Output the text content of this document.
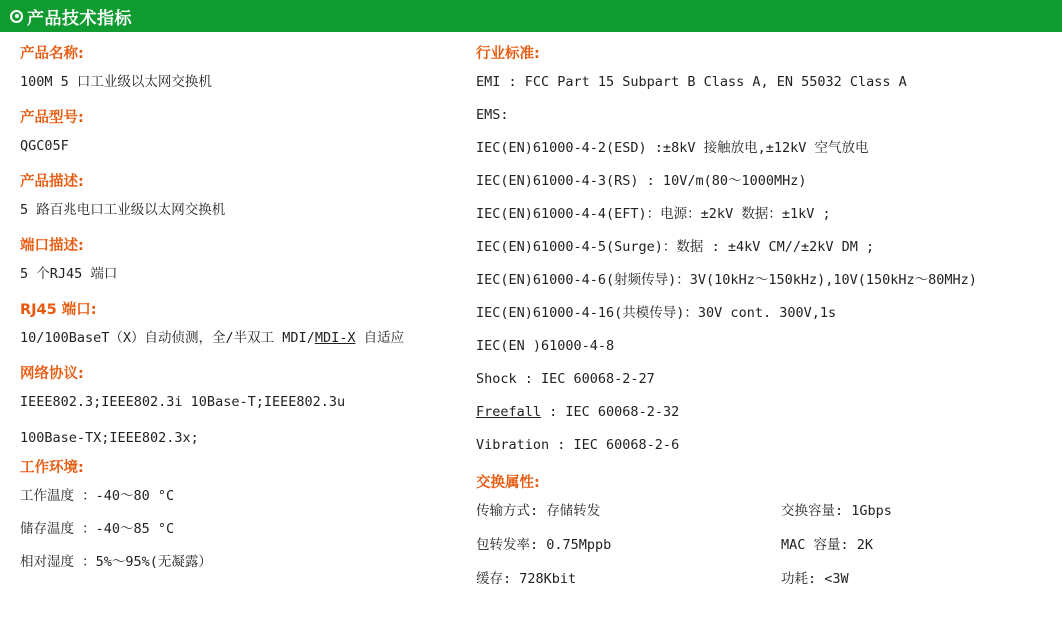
产品技术指标
产品名称:
100M 5 口工业级以太网交换机
产品型号:
QGC05F
产品描述:
5 路百兆电口工业级以太网交换机
端口描述:
5 个RJ45 端口
RJ45 端口:
10/100BaseT（X）自动侦测，全/半双工 MDI/MDI-X 自适应
网络协议:
IEEE802.3;IEEE802.3i 10Base-T;IEEE802.3u
100Base-TX;IEEE802.3x;
工作环境:
工作温度 ：-40～80 °C
储存温度 ：-40～85 °C
相对湿度 ：5%～95%(无凝露）
行业标准:
EMI : FCC Part 15 Subpart B Class A, EN 55032 Class A
EMS:
IEC(EN)61000-4-2(ESD) :±8kV 接触放电,±12kV 空气放电
IEC(EN)61000-4-3(RS) : 10V/m(80～1000MHz)
IEC(EN)61000-4-4(EFT)：电源：±2kV 数据：±1kV ;
IEC(EN)61000-4-5(Surge)：数据 : ±4kV CM//±2kV DM ;
IEC(EN)61000-4-6(射频传导)：3V(10kHz～150kHz),10V(150kHz～80MHz)
IEC(EN)61000-4-16(共模传导)：30V cont. 300V,1s
IEC(EN )61000-4-8
Shock : IEC 60068-2-27
Freefall : IEC 60068-2-32
Vibration : IEC 60068-2-6
交换属性:
传输方式: 存储转发	交换容量: 1Gbps
包转发率: 0.75Mppb	MAC 容量: 2K
缓存: 728Kbit	功耗: <3W
